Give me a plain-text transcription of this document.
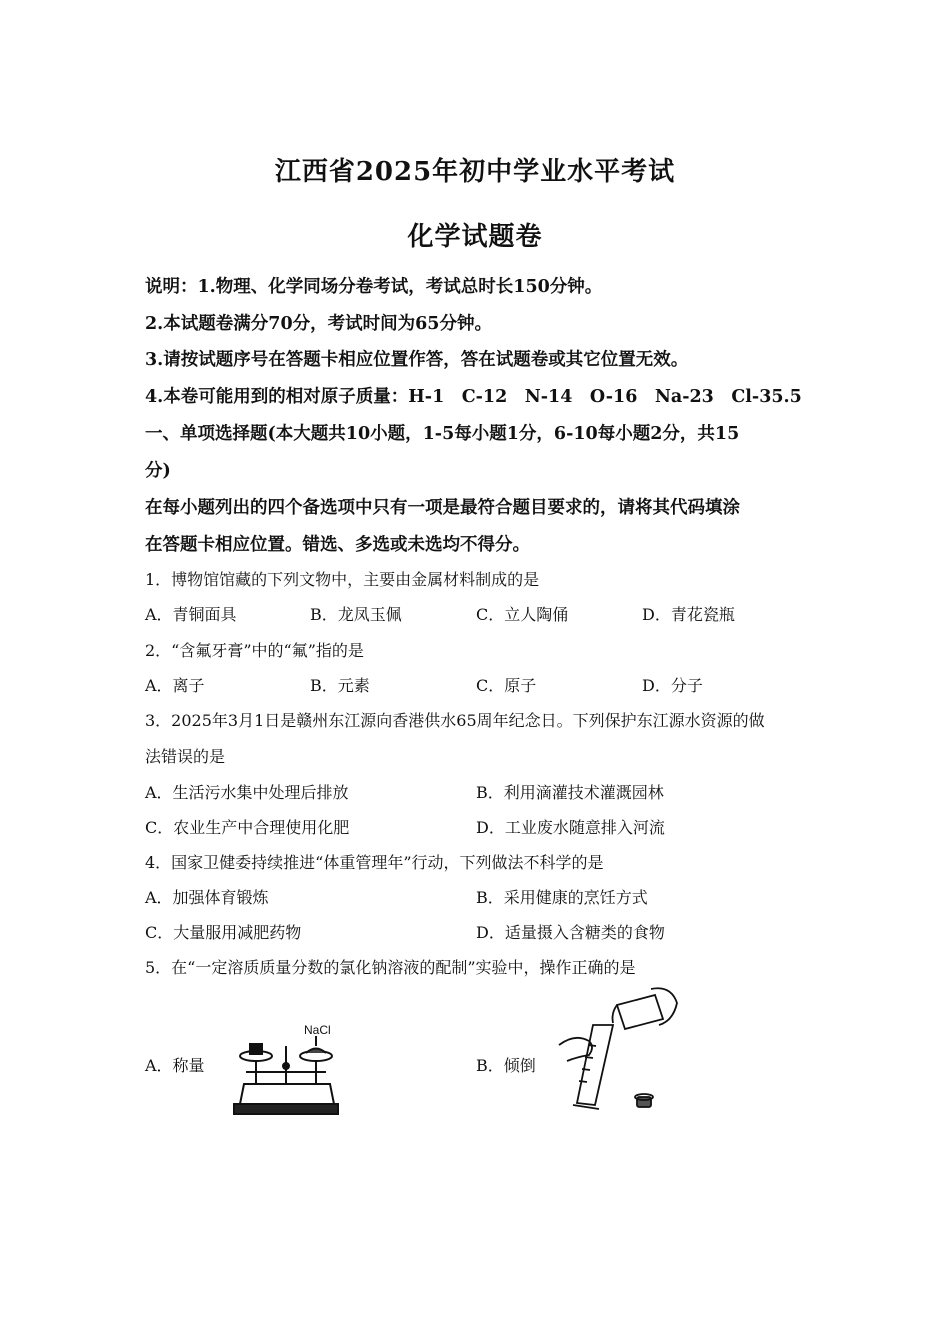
江西省2025年初中学业水平考试
化学试题卷
说明：1.物理、化学同场分卷考试，考试总时长150分钟。
2.本试题卷满分70分，考试时间为65分钟。
3.请按试题序号在答题卡相应位置作答，答在试题卷或其它位置无效。
4.本卷可能用到的相对原子质量：H-1　C-12　N-14　O-16　Na-23　Cl-35.5
一、单项选择题(本大题共10小题，1-5每小题1分，6-10每小题2分，共15
分)
在每小题列出的四个备选项中只有一项是最符合题目要求的，请将其代码填涂
在答题卡相应位置。错选、多选或未选均不得分。
1．博物馆馆藏的下列文物中，主要由金属材料制成的是
A．青铜面具	B．龙凤玉佩	C．立人陶俑	D．青花瓷瓶
2．“含氟牙膏”中的“氟”指的是
A．离子	B．元素	C．原子	D．分子
3．2025年3月1日是赣州东江源向香港供水65周年纪念日。下列保护东江源水资源的做
法错误的是
A．生活污水集中处理后排放	B．利用滴灌技术灌溉园林
C．农业生产中合理使用化肥	D．工业废水随意排入河流
4．国家卫健委持续推进“体重管理年”行动，下列做法不科学的是
A．加强体育锻炼	B．采用健康的烹饪方式
C．大量服用减肥药物	D．适量摄入含糖类的食物
5．在“一定溶质质量分数的氯化钠溶液的配制”实验中，操作正确的是
A．称量	B．倾倒
NaCl
